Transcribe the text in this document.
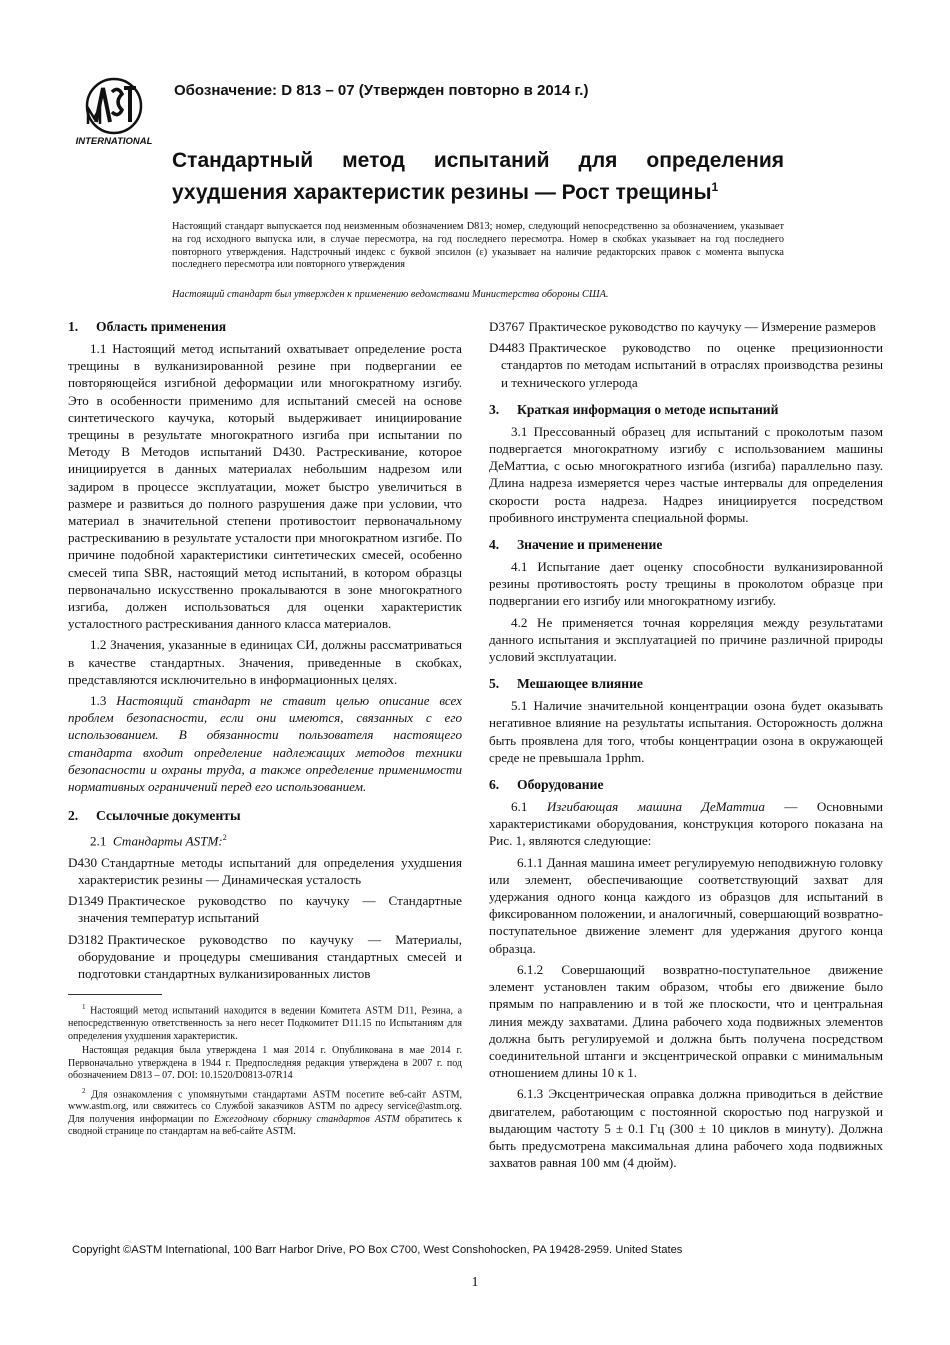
INTERNATIONAL
Обозначение: D 813 – 07 (Утвержден повторно в 2014 г.)
Стандартный метод испытаний для определения ухудшения характеристик резины — Рост трещины$^1$
Настоящий стандарт выпускается под неизменным обозначением D813; номер, следующий непосредственно за обозначением, указывает на год исходного выпуска или, в случае пересмотра, на год последнего пересмотра. Номер в скобках указывает на год последнего повторного утверждения. Надстрочный индекс с буквой эпсилон (ε) указывает на наличие редакторских правок с момента выпуска последнего пересмотра или повторного утверждения
Настоящий стандарт был утвержден к применению ведомствами Министерства обороны США.
1. Область применения

1.1 Настоящий метод испытаний охватывает определение роста трещины в вулканизированной резине при подвергании ее повторяющейся изгибной деформации или многократному изгибу. Это в особенности применимо для испытаний смесей на основе синтетического каучука, который выдерживает инициирование трещины в результате многократного изгиба при испытании по Методу В Методов испытаний D430. Растрескивание, которое инициируется в данных материалах небольшим надрезом или задиром в процессе эксплуатации, может быстро увеличиться в размере и развиться до полного разрушения даже при условии, что материал в значительной степени противостоит первоначальному растрескиванию в результате усталости при многократном изгибе. По причине подобной характеристики синтетических смесей, особенно смесей типа SBR, настоящий метод испытаний, в котором образцы первоначально искусственно прокалываются в зоне многократного изгиба, должен использоваться для оценки характеристик усталостного растрескивания данного класса материалов.

1.2 Значения, указанные в единицах СИ, должны рассматриваться в качестве стандартных. Значения, приведенные в скобках, представляются исключительно в информационных целях.

1.3 Настоящий стандарт не ставит целью описание всех проблем безопасности, если они имеются, связанных с его использованием. В обязанности пользователя настоящего стандарта входит определение надлежащих методов техники безопасности и охраны труда, а также определение применимости нормативных ограничений перед его использованием.

2. Ссылочные документы
2.1 Стандарты ASTM:$^2$
D430 Стандартные методы испытаний для определения ухудшения характеристик резины — Динамическая усталость
D1349 Практическое руководство по каучуку — Стандартные значения температур испытаний
D3182 Практическое руководство по каучуку — Материалы, оборудование и процедуры смешивания стандартных смесей и подготовки стандартных вулканизированных листов

$^1$ Настоящий метод испытаний находится в ведении Комитета ASTM D11, Резина, а непосредственную ответственность за него несет Подкомитет D11.15 по Испытаниям для определения ухудшения характеристик.

Настоящая редакция была утверждена 1 мая 2014 г. Опубликована в мае 2014 г. Первоначально утверждена в 1944 г. Предпоследняя редакция утверждена в 2007 г. под обозначением D813 – 07. DOI: 10.1520/D0813-07R14

$^2$ Для ознакомления с упомянутыми стандартами ASTM посетите веб-сайт ASTM, www.astm.org, или свяжитесь со Службой заказчиков ASTM по адресу service@astm.org. Для получения информации по Ежегодному сборнику стандартов ASTM обратитесь к сводной странице по стандартам на веб-сайте ASTM.

D3767 Практическое руководство по каучуку — Измерение размеров
D4483 Практическое руководство по оценке прецизионности стандартов по методам испытаний в отраслях производства резины и технического углерода
3. Краткая информация о методе испытаний

3.1 Прессованный образец для испытаний с проколотым пазом подвергается многократному изгибу с использованием машины ДеМаттиа, с осью многократного изгиба (изгиба) параллельно пазу. Длина надреза измеряется через частые интервалы для определения скорости роста надреза. Надрез инициируется посредством пробивного инструмента специальной формы.

4. Значение и применение

4.1 Испытание дает оценку способности вулканизированной резины противостоять росту трещины в проколотом образце при подвергании его изгибу или многократному изгибу.

4.2 Не применяется точная корреляция между результатами данного испытания и эксплуатацией по причине различной природы условий эксплуатации.

5. Мешающее влияние

5.1 Наличие значительной концентрации озона будет оказывать негативное влияние на результаты испытания. Осторожность должна быть проявлена для того, чтобы концентрации озона в окружающей среде не превышала 1pphm.

6. Оборудование

6.1 Изгибающая машина ДеМаттиа — Основными характеристиками оборудования, конструкция которого показана на Рис. 1, являются следующие:

6.1.1 Данная машина имеет регулируемую неподвижную головку или элемент, обеспечивающие соответствующий захват для удержания одного конца каждого из образцов для испытаний в фиксированном положении, и аналогичный, совершающий возвратно-поступательное движение элемент для удержания другого конца образца.

6.1.2 Совершающий возвратно-поступательное движение элемент установлен таким образом, чтобы его движение было прямым по направлению и в той же плоскости, что и центральная линия между захватами. Длина рабочего хода подвижных элементов должна быть регулируемой и должна быть получена посредством соединительной штанги и эксцентрической оправки с минимальным отношением длины 10 к 1.

6.1.3 Эксцентрическая оправка должна приводиться в действие двигателем, работающим с постоянной скоростью под нагрузкой и выдающим частоту 5 ± 0.1 Гц (300 ± 10 циклов в минуту). Должна быть предусмотрена максимальная длина рабочего хода подвижных захватов равная 100 мм (4 дюйм).

Copyright ©ASTM International, 100 Barr Harbor Drive, PO Box C700, West Conshohocken, PA 19428-2959. United States
1
